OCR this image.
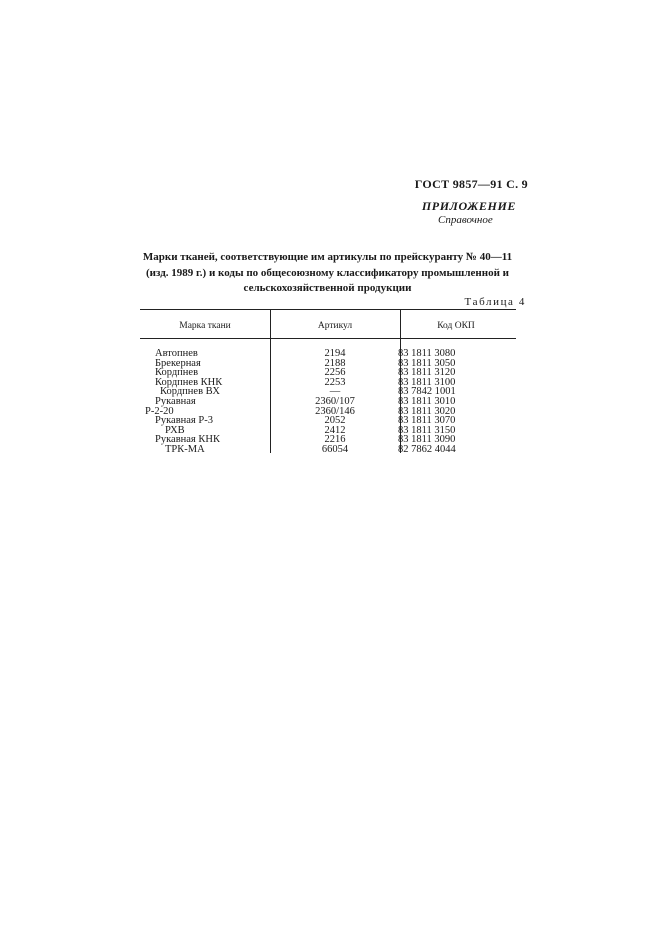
ГОСТ 9857—91 С. 9
ПРИЛОЖЕНИЕ
Справочное
Марки тканей, соответствующие им артикулы по прейскуранту № 40—11
(изд. 1989 г.) и коды по общесоюзному классификатору промышленной и
сельскохозяйственной продукции
Таблица 4
Марка ткани	Артикул	Код ОКП
Автопнев	2194	83 1811 3080
Брекерная	2188	83 1811 3050
Кордпнев	2256	83 1811 3120
Кордпнев КНК	2253	83 1811 3100
Кордпнев ВХ	—	83 7842 1001
Рукавная	2360/107	83 1811 3010
Р-2-20	2360/146	83 1811 3020
Рукавная Р-3	2052	83 1811 3070
РХВ	2412	83 1811 3150
Рукавная КНК	2216	83 1811 3090
ТРК-МА	66054	82 7862 4044
